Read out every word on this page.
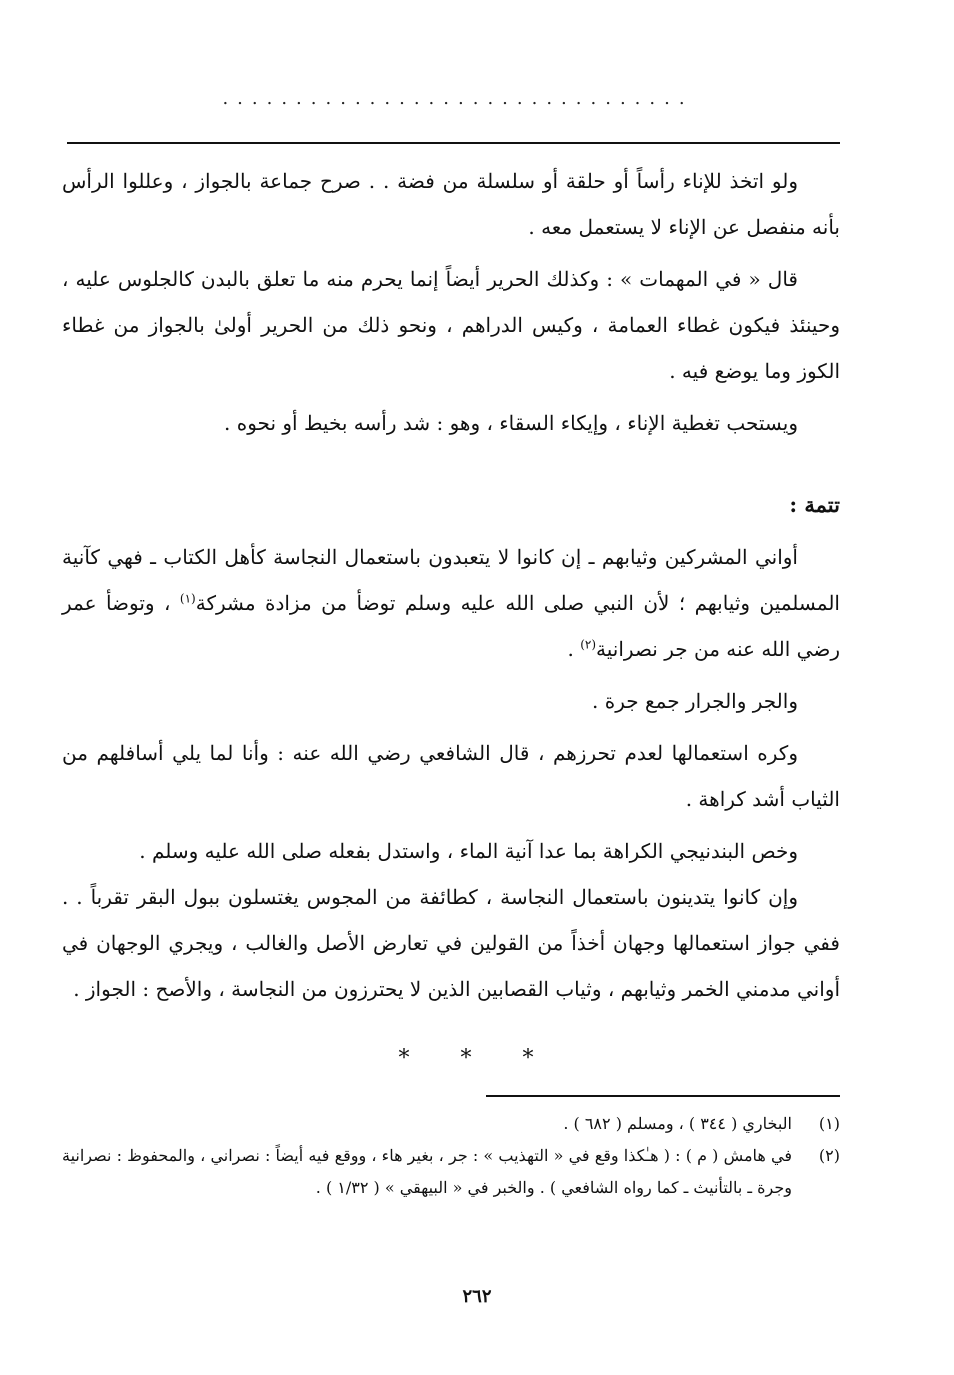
................................

ولو اتخذ للإناء رأساً أو حلقة أو سلسلة من فضة . . صرح جماعة بالجواز ، وعللوا الرأس بأنه منفصل عن الإناء لا يستعمل معه .

قال « في المهمات » : وكذلك الحرير أيضاً إنما يحرم منه ما تعلق بالبدن كالجلوس عليه ، وحينئذ فيكون غطاء العمامة ، وكيس الدراهم ، ونحو ذلك من الحرير أولىٰ بالجواز من غطاء الكوز وما يوضع فيه .

ويستحب تغطية الإناء ، وإيكاء السقاء ، وهو : شد رأسه بخيط أو نحوه .

تتمة :

أواني المشركين وثيابهم ـ إن كانوا لا يتعبدون باستعمال النجاسة كأهل الكتاب ـ فهي كآنية المسلمين وثيابهم ؛ لأن النبي صلى الله عليه وسلم توضأ من مزادة مشركة$^{(١)}$ ، وتوضأ عمر رضي الله عنه من جر نصرانية$^{(٢)}$ .

والجر والجرار جمع جرة .

وكره استعمالها لعدم تحرزهم ، قال الشافعي رضي الله عنه : وأنا لما يلي أسافلهم من الثياب أشد كراهة .

وخص البندنيجي الكراهة بما عدا آنية الماء ، واستدل بفعله صلى الله عليه وسلم .

وإن كانوا يتدينون باستعمال النجاسة ، كطائفة من المجوس يغتسلون ببول البقر تقرباً . . ففي جواز استعمالها وجهان أخذاً من القولين في تعارض الأصل والغالب ، ويجري الوجهان في أواني مدمني الخمر وثيابهم ، وثياب القصابين الذين لا يحترزون من النجاسة ، والأصح : الجواز .

* * *
(١)
البخاري ( ٣٤٤ ) ، ومسلم ( ٦٨٢ ) .
(٢)
في هامش ( م ) : ( هـٰكذا وقع في « التهذيب » : جر ، بغير هاء ، ووقع فيه أيضاً : نصراني ، والمحفوظ : نصرانية وجرة ـ بالتأنيث ـ كما رواه الشافعي ) . والخبر في « البيهقي » ( ١/٣٢ ) .
٢٦٢
